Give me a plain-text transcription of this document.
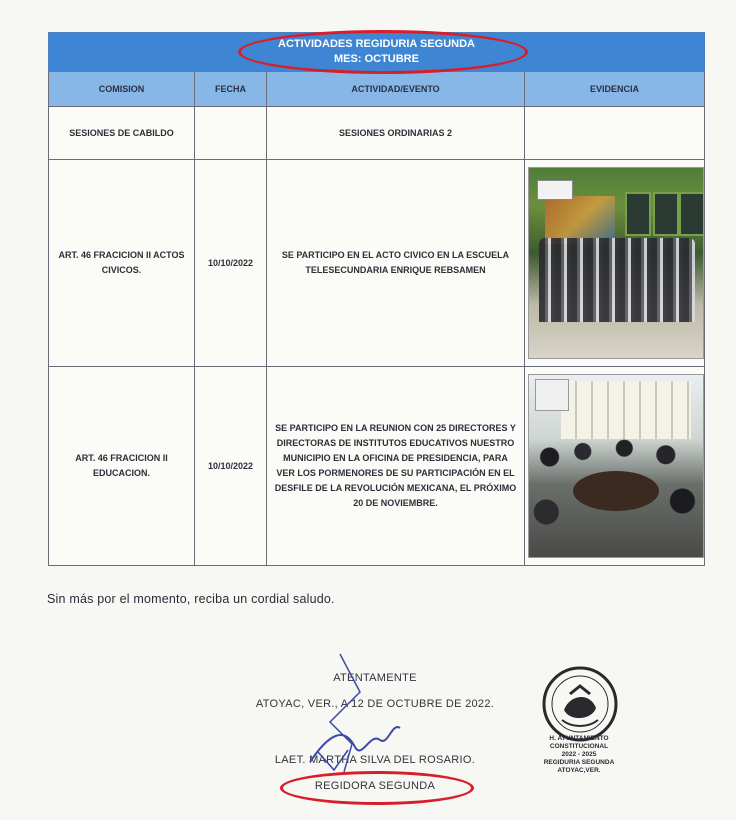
ACTIVIDADES REGIDURIA SEGUNDA
MES: OCTUBRE			

COMISION	FECHA	ACTIVIDAD/EVENTO	EVIDENCIA
SESIONES DE CABILDO		SESIONES ORDINARIAS 2	
ART. 46 FRACICION II ACTOS CIVICOS.	10/10/2022	SE PARTICIPO EN EL ACTO CIVICO EN LA ESCUELA TELESECUNDARIA ENRIQUE REBSAMEN	

ART. 46 FRACICION II EDUCACION.	10/10/2022	SE PARTICIPO EN LA REUNION CON 25 DIRECTORES Y DIRECTORAS DE INSTITUTOS EDUCATIVOS NUESTRO MUNICIPIO EN LA OFICINA DE PRESIDENCIA, PARA VER LOS PORMENORES DE SU PARTICIPACIÓN EN EL DESFILE DE LA REVOLUCIÓN MEXICANA, EL PRÓXIMO 20 DE NOVIEMBRE.	
Sin más por el momento, reciba un cordial saludo.
ATENTAMENTE
ATOYAC, VER., A 12 DE OCTUBRE DE 2022.
LAET. MARTHA SILVA DEL ROSARIO.
REGIDORA SEGUNDA
H. AYUNTAMIENTO CONSTITUCIONAL
2022 - 2025
REGIDURIA SEGUNDA
ATOYAC,VER.
